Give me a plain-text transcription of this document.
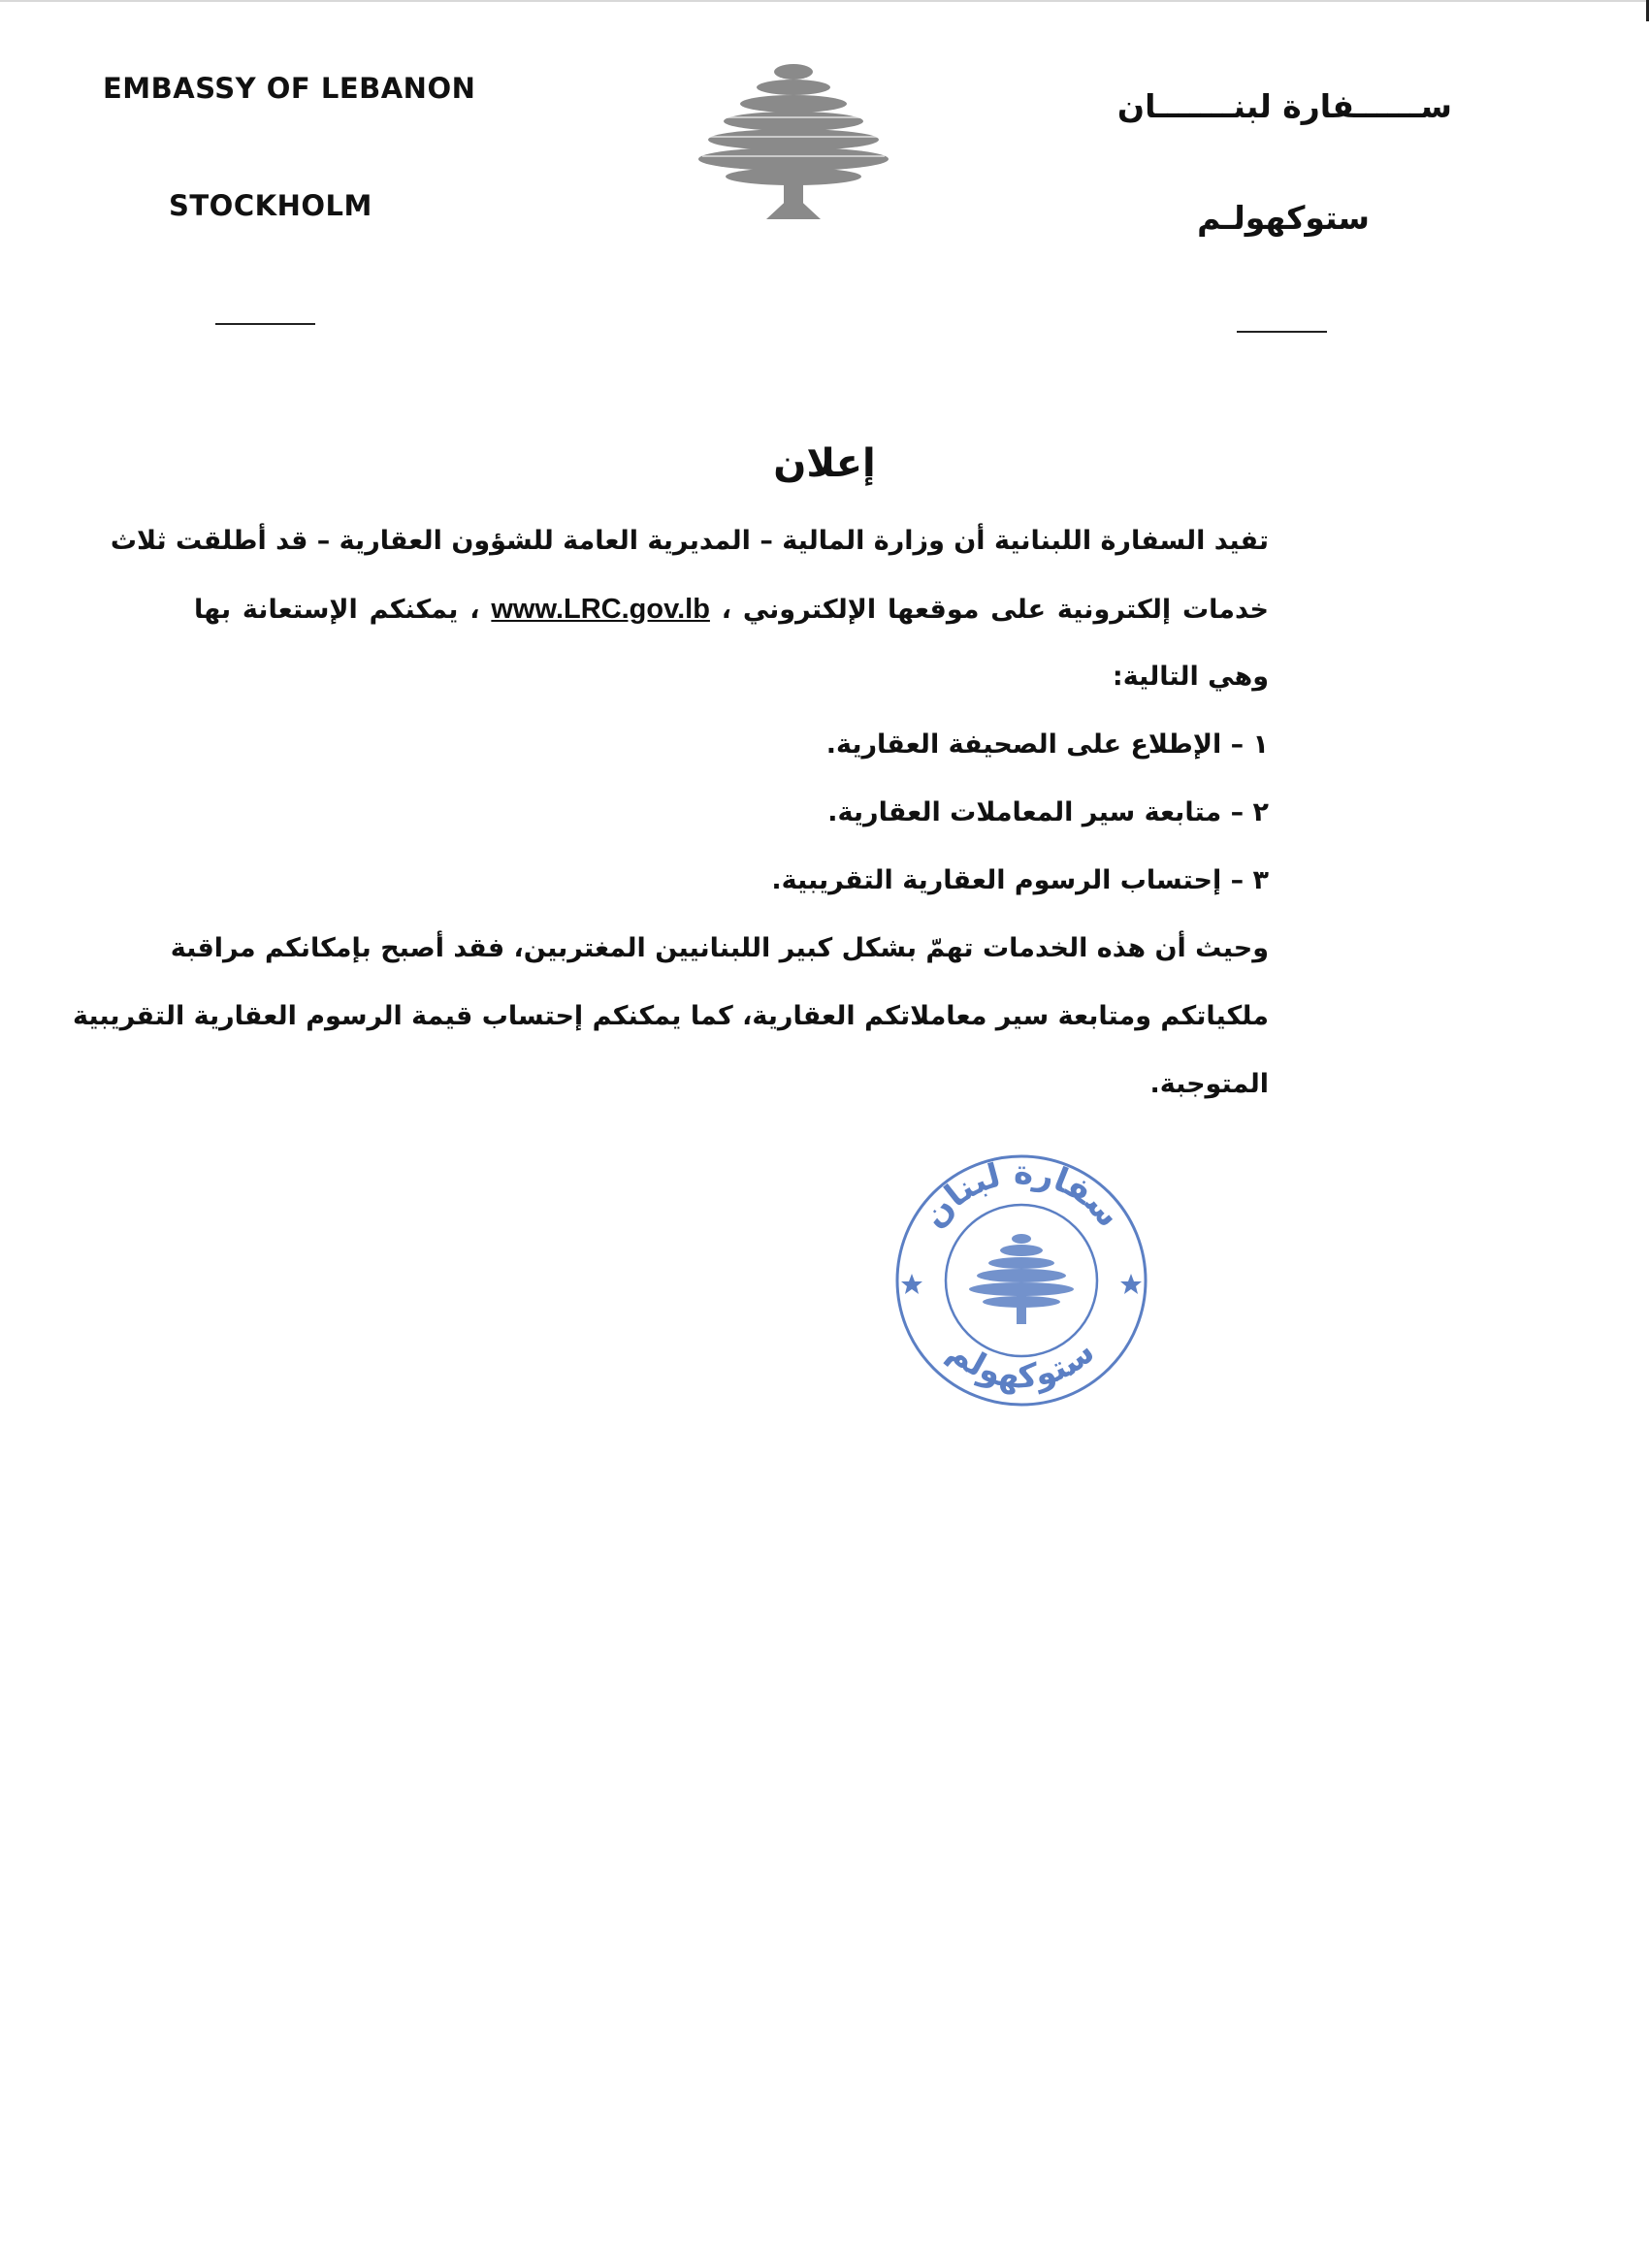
EMBASSY OF LEBANON
STOCKHOLM
ســــــفارة لبنـــــــان
ستوكهولـم
إعلان
تفيد السفارة اللبنانية أن وزارة المالية – المديرية العامة للشؤون العقارية – قد أطلقت ثلاث
خدمات إلكترونية على موقعها الإلكتروني ، www.LRC.gov.lb ، يمكنكم الإستعانة بها
وهي التالية:
١ – الإطلاع على الصحيفة العقارية.
٢ – متابعة سير المعاملات العقارية.
٣ – إحتساب الرسوم العقارية التقريبية.
وحيث أن هذه الخدمات تهمّ بشكل كبير اللبنانيين المغتربين، فقد أصبح بإمكانكم مراقبة
ملكياتكم ومتابعة سير معاملاتكم العقارية، كما يمكنكم إحتساب قيمة الرسوم العقارية التقريبية
المتوجبة.
سفارة لبنان
ستوكهولم
